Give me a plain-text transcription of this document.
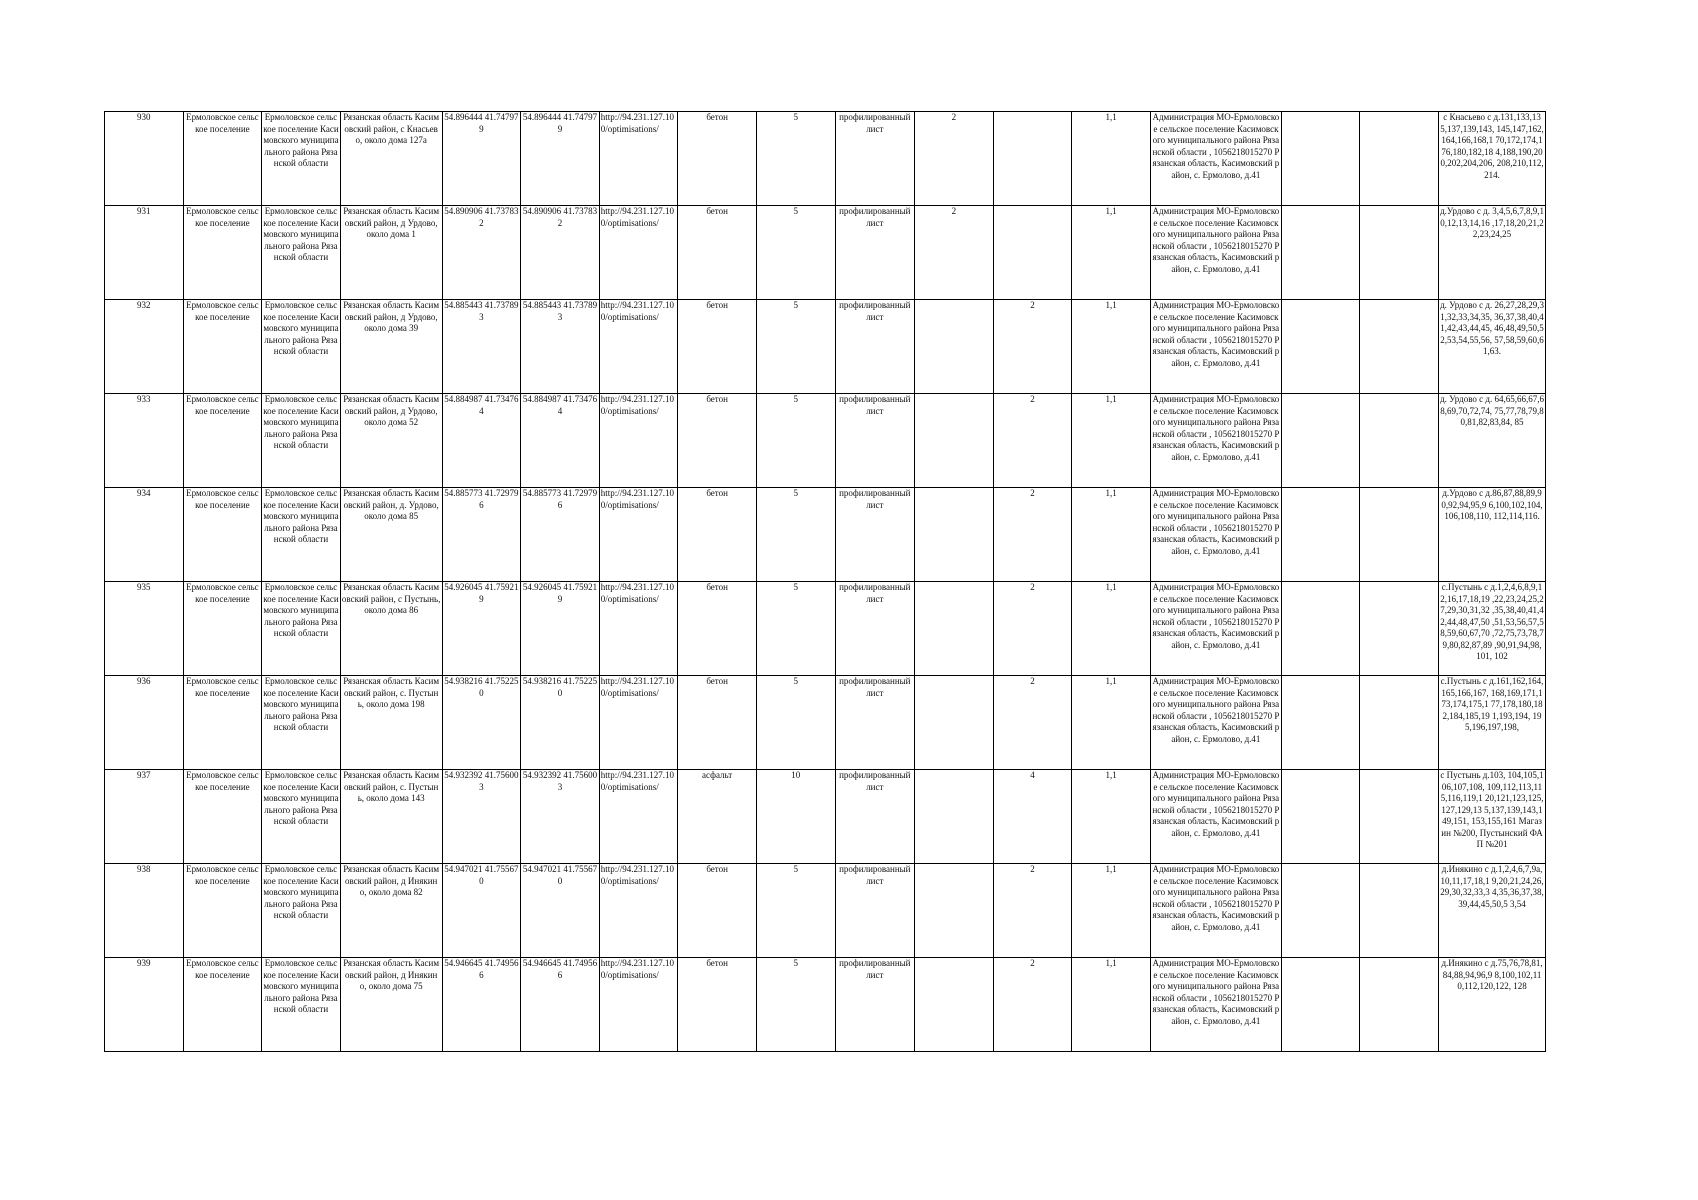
930	Ермоловское сельское поселение	Ермоловское сельское поселение Касимовского муниципального района Рязанской области	Рязанская область Касимовский район, с Кнасьево, около дома 127а	54.896444 41.747979	54.896444 41.747979	http://94.231.127.100/optimisations/	бетон	5	профилированный лист	2		1,1	Администрация МО-Ермоловское сельское поселение Касимовского муниципального района Рязанской области , 1056218015270 Рязанская область, Касимовский район, с. Ермолово, д.41			с Кнасьево с д.131,133,135,137,139,143, 145,147,162,164,166,168,1 70,172,174,176,180,182,18 4,188,190,200,202,204,206, 208,210,112, 214.
931	Ермоловское сельское поселение	Ермоловское сельское поселение Касимовского муниципального района Рязанской области	Рязанская область Касимовский район, д Урдово, около дома 1	54.890906 41.737832	54.890906 41.737832	http://94.231.127.100/optimisations/	бетон	5	профилированный лист	2		1,1	Администрация МО-Ермоловское сельское поселение Касимовского муниципального района Рязанской области , 1056218015270 Рязанская область, Касимовский район, с. Ермолово, д.41			д.Урдово с д. 3,4,5,6,7,8,9,10,12,13,14,16 ,17,18,20,21,22,23,24,25
932	Ермоловское сельское поселение	Ермоловское сельское поселение Касимовского муниципального района Рязанской области	Рязанская область Касимовский район, д Урдово, около дома 39	54.885443 41.737893	54.885443 41.737893	http://94.231.127.100/optimisations/	бетон	5	профилированный лист		2	1,1	Администрация МО-Ермоловское сельское поселение Касимовского муниципального района Рязанской области , 1056218015270 Рязанская область, Касимовский район, с. Ермолово, д.41			д. Урдово с д. 26,27,28,29,31,32,33,34,35, 36,37,38,40,41,42,43,44,45, 46,48,49,50,52,53,54,55,56, 57,58,59,60,61,63.
933	Ермоловское сельское поселение	Ермоловское сельское поселение Касимовского муниципального района Рязанской области	Рязанская область Касимовский район, д Урдово, около дома 52	54.884987 41.734764	54.884987 41.734764	http://94.231.127.100/optimisations/	бетон	5	профилированный лист		2	1,1	Администрация МО-Ермоловское сельское поселение Касимовского муниципального района Рязанской области , 1056218015270 Рязанская область, Касимовский район, с. Ермолово, д.41			д. Урдово с д. 64,65,66,67,68,69,70,72,74, 75,77,78,79,80,81,82,83,84, 85
934	Ермоловское сельское поселение	Ермоловское сельское поселение Касимовского муниципального района Рязанской области	Рязанская область Касимовский район, д. Урдово, около дома 85	54.885773 41.729796	54.885773 41.729796	http://94.231.127.100/optimisations/	бетон	5	профилированный лист		2	1,1	Администрация МО-Ермоловское сельское поселение Касимовского муниципального района Рязанской области , 1056218015270 Рязанская область, Касимовский район, с. Ермолово, д.41			д.Урдово с д.86,87,88,89,90,92,94,95,9 6,100,102,104,106,108,110, 112,114,116.
935	Ермоловское сельское поселение	Ермоловское сельское поселение Касимовского муниципального района Рязанской области	Рязанская область Касимовский район, с Пустынь, около дома 86	54.926045 41.759219	54.926045 41.759219	http://94.231.127.100/optimisations/	бетон	5	профилированный лист		2	1,1	Администрация МО-Ермоловское сельское поселение Касимовского муниципального района Рязанской области , 1056218015270 Рязанская область, Касимовский район, с. Ермолово, д.41			с.Пустынь с д.1,2,4,6,8,9,12,16,17,18,19 ,22,23,24,25,27,29,30,31,32 ,35,38,40,41,42,44,48,47,50 ,51,53,56,57,58,59,60,67,70 ,72,75,73,78,79,80,82,87,89 ,90,91,94,98, 101, 102
936	Ермоловское сельское поселение	Ермоловское сельское поселение Касимовского муниципального района Рязанской области	Рязанская область Касимовский район, с. Пустынь, около дома 198	54.938216 41.752250	54.938216 41.752250	http://94.231.127.100/optimisations/	бетон	5	профилированный лист		2	1,1	Администрация МО-Ермоловское сельское поселение Касимовского муниципального района Рязанской области , 1056218015270 Рязанская область, Касимовский район, с. Ермолово, д.41			с.Пустынь с д.161,162,164,165,166,167, 168,169,171,173,174,175,1 77,178,180,182,184,185,19 1,193,194, 195,196,197,198,
937	Ермоловское сельское поселение	Ермоловское сельское поселение Касимовского муниципального района Рязанской области	Рязанская область Касимовский район, с. Пустынь, около дома 143	54.932392 41.756003	54.932392 41.756003	http://94.231.127.100/optimisations/	асфальт	10	профилированный лист		4	1,1	Администрация МО-Ермоловское сельское поселение Касимовского муниципального района Рязанской области , 1056218015270 Рязанская область, Касимовский район, с. Ермолово, д.41			с Пустынь д.103, 104,105,106,107,108, 109,112,113,115,116,119,1 20,121,123,125,127,129,13 5,137,139,143,149,151, 153,155,161 Магазин №200, Пустынский ФАП №201
938	Ермоловское сельское поселение	Ермоловское сельское поселение Касимовского муниципального района Рязанской области	Рязанская область Касимовский район, д Инякино, около дома 82	54.947021 41.755670	54.947021 41.755670	http://94.231.127.100/optimisations/	бетон	5	профилированный лист		2	1,1	Администрация МО-Ермоловское сельское поселение Касимовского муниципального района Рязанской области , 1056218015270 Рязанская область, Касимовский район, с. Ермолово, д.41			д.Инякино с д.1,2,4,6,7,9а,10,11,17,18,1 9,20,21,24,26,29,30,32,33,3 4,35,36,37,38,39,44,45,50,5 3,54
939	Ермоловское сельское поселение	Ермоловское сельское поселение Касимовского муниципального района Рязанской области	Рязанская область Касимовский район, д Инякино, около дома 75	54.946645 41.749566	54.946645 41.749566	http://94.231.127.100/optimisations/	бетон	5	профилированный лист		2	1,1	Администрация МО-Ермоловское сельское поселение Касимовского муниципального района Рязанской области , 1056218015270 Рязанская область, Касимовский район, с. Ермолово, д.41			д.Инякино с д.75,76,78,81,84,88,94,96,9 8,100,102,110,112,120,122, 128
